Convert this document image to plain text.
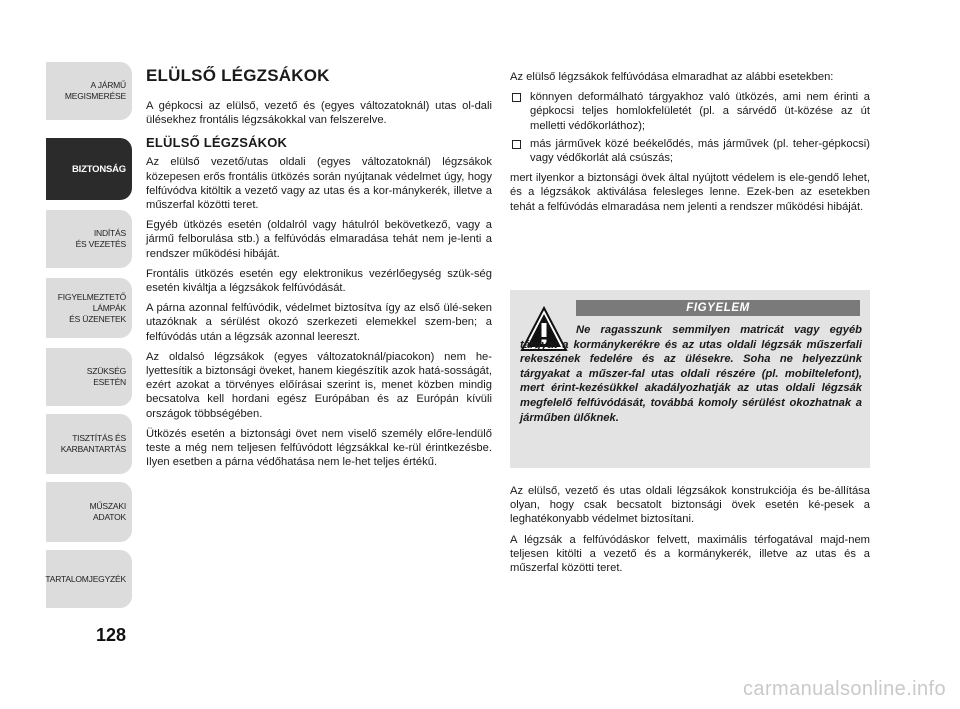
A JÁRMŰ
MEGISMERÉSE
BIZTONSÁG
INDÍTÁS
ÉS VEZETÉS
FIGYELMEZTETŐ
LÁMPÁK
ÉS ÜZENETEK
SZÜKSÉG
ESETÉN
TISZTÍTÁS ÉS
KARBANTARTÁS
MŰSZAKI
ADATOK
TARTALOMJEGYZÉK
128
ELÜLSŐ LÉGZSÁKOK

A gépkocsi az elülső, vezető és (egyes változatoknál) utas ol-dali ülésekhez frontális légzsákokkal van felszerelve.

ELÜLSŐ LÉGZSÁKOK

Az elülső vezető/utas oldali (egyes változatoknál) légzsákok közepesen erős frontális ütközés során nyújtanak védelmet úgy, hogy felfúvódva kitöltik a vezető vagy az utas és a kor-mánykerék, illetve a műszerfal közötti teret.

Egyéb ütközés esetén (oldalról vagy hátulról bekövetkező, vagy a jármű felborulása stb.) a felfúvódás elmaradása tehát nem je-lenti a rendszer működési hibáját.

Frontális ütközés esetén egy elektronikus vezérlőegység szük-ség esetén kiváltja a légzsákok felfúvódását.

A párna azonnal felfúvódik, védelmet biztosítva így az első ülé-seken utazóknak a sérülést okozó szerkezeti elemekkel szem-ben; a felfúvódás után a légzsák azonnal leereszt.

Az oldalsó légzsákok (egyes változatoknál/piacokon) nem he-lyettesítik a biztonsági öveket, hanem kiegészítik azok hatá-sosságát, ezért azokat a törvényes előírásai szerint is, menet közben mindig becsatolva kell hordani egész Európában és az Európán kívüli országok többségében.

Ütközés esetén a biztonsági övet nem viselő személy előre-lendülő teste a még nem teljesen felfúvódott légzsákkal ke-rül érintkezésbe. Ilyen esetben a párna védőhatása nem le-het teljes értékű.

Az elülső légzsákok felfúvódása elmaradhat az alábbi esetekben:

könnyen deformálható tárgyakhoz való ütközés, ami nem érinti a gépkocsi teljes homlokfelületét (pl. a sárvédő üt-közése az út melletti védőkorláthoz);
más járművek közé beékelődés, más járművek (pl. teher-gépkocsi) vagy védőkorlát alá csúszás;

mert ilyenkor a biztonsági övek által nyújtott védelem is ele-gendő lehet, és a légzsákok aktiválása felesleges lenne. Ezek-ben az esetekben tehát a felfúvódás elmaradása nem jelenti a rendszer működési hibáját.

FIGYELEM
Ne ragasszunk semmilyen matricát vagy egyéb tárgyat a kormánykerékre és az utas oldali légzsák műszerfali rekeszének fedelére és az ülésekre. Soha ne helyezzünk tárgyakat a műszer-fal utas oldali részére (pl. mobiltelefont), mert érint-kezésükkel akadályozhatják az utas oldali légzsák megfelelő felfúvódását, továbbá komoly sérülést okozhatnak a járműben ülőknek.

Az elülső, vezető és utas oldali légzsákok konstrukciója és be-állítása olyan, hogy csak becsatolt biztonsági övek esetén ké-pesek a leghatékonyabb védelmet biztosítani.

A légzsák a felfúvódáskor felvett, maximális térfogatával majd-nem teljesen kitölti a vezető és a kormánykerék, illetve az utas és a műszerfal közötti teret.

carmanualsonline.info
